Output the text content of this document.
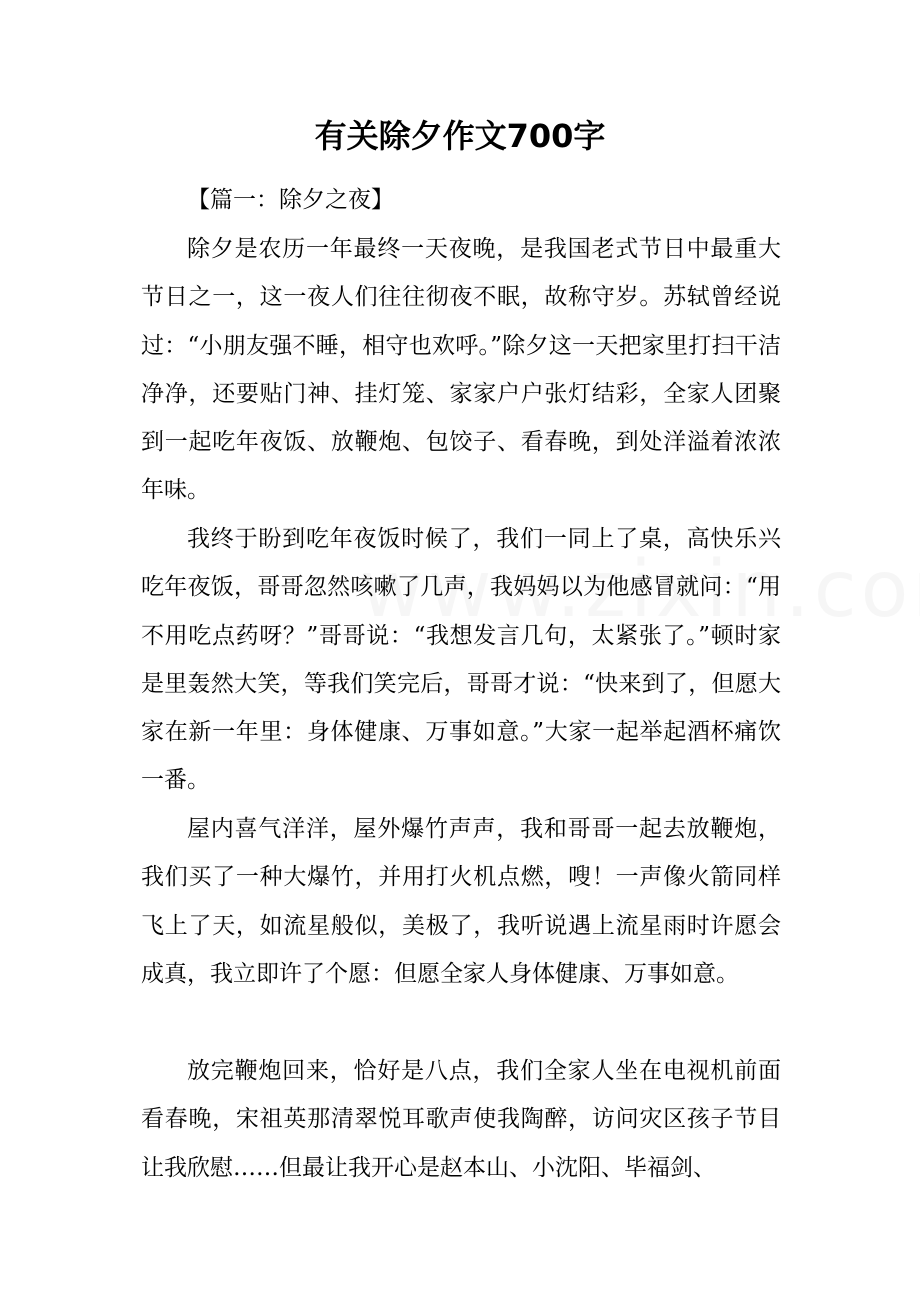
有关除夕作文700字

【篇一：除夕之夜】

除夕是农历一年最终一天夜晚，是我国老式节日中最重大节日之一，这一夜人们往往彻夜不眠，故称守岁。苏轼曾经说过：“小朋友强不睡，相守也欢呼。”除夕这一天把家里打扫干洁净净，还要贴门神、挂灯笼、家家户户张灯结彩，全家人团聚到一起吃年夜饭、放鞭炮、包饺子、看春晚，到处洋溢着浓浓年味。

我终于盼到吃年夜饭时候了，我们一同上了桌，高快乐兴吃年夜饭，哥哥忽然咳嗽了几声，我妈妈以为他感冒就问：“用不用吃点药呀？”哥哥说：“我想发言几句，太紧张了。”顿时家是里轰然大笑，等我们笑完后，哥哥才说：“快来到了，但愿大家在新一年里：身体健康、万事如意。”大家一起举起酒杯痛饮一番。

屋内喜气洋洋，屋外爆竹声声，我和哥哥一起去放鞭炮，我们买了一种大爆竹，并用打火机点燃，嗖！一声像火箭同样飞上了天，如流星般似，美极了，我听说遇上流星雨时许愿会成真，我立即许了个愿：但愿全家人身体健康、万事如意。

放完鞭炮回来，恰好是八点，我们全家人坐在电视机前面看春晚，宋祖英那清翠悦耳歌声使我陶醉，访问灾区孩子节目让我欣慰……但最让我开心是赵本山、小沈阳、毕福剑、
